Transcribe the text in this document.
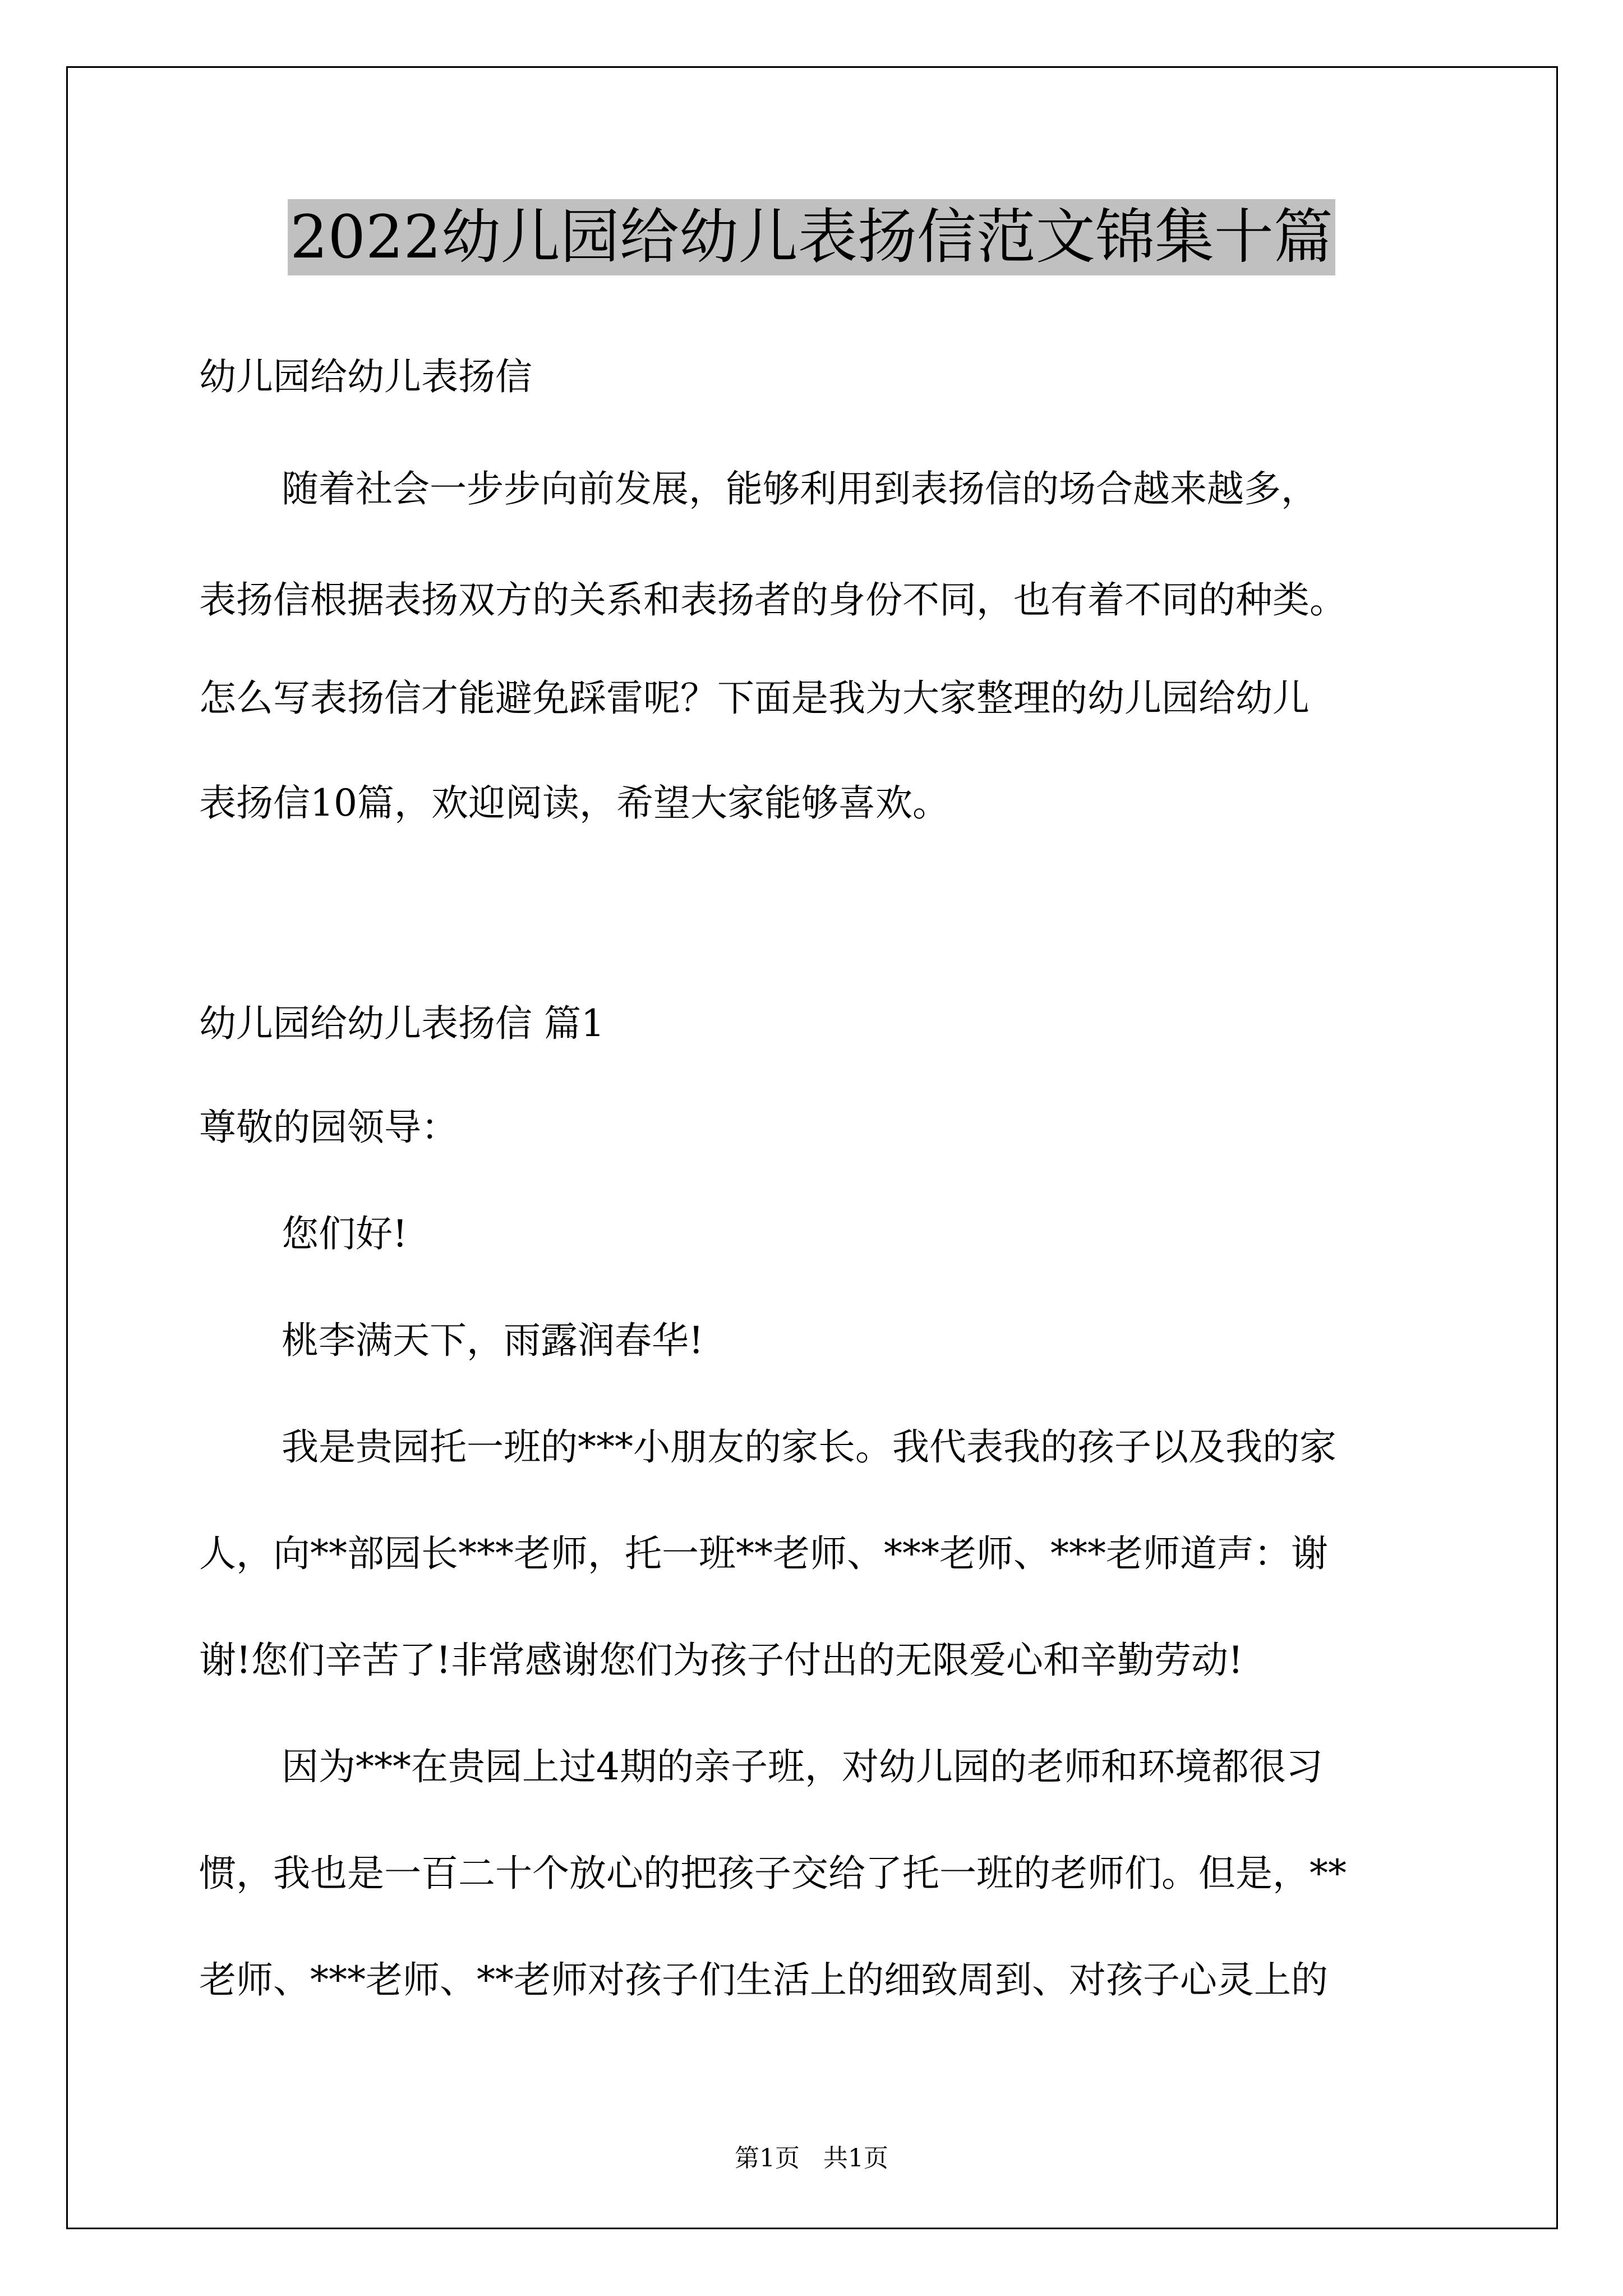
2022幼儿园给幼儿表扬信范文锦集十篇
幼儿园给幼儿表扬信
随着社会一步步向前发展，能够利用到表扬信的场合越来越多，
表扬信根据表扬双方的关系和表扬者的身份不同，也有着不同的种类。
怎么写表扬信才能避免踩雷呢？下面是我为大家整理的幼儿园给幼儿
表扬信10篇，欢迎阅读，希望大家能够喜欢。
幼儿园给幼儿表扬信 篇1
尊敬的园领导：
您们好!
桃李满天下，雨露润春华!
我是贵园托一班的***小朋友的家长。我代表我的孩子以及我的家
人，向**部园长***老师，托一班**老师、***老师、***老师道声：谢
谢!您们辛苦了!非常感谢您们为孩子付出的无限爱心和辛勤劳动!
因为***在贵园上过4期的亲子班，对幼儿园的老师和环境都很习
惯，我也是一百二十个放心的把孩子交给了托一班的老师们。但是，**
老师、***老师、**老师对孩子们生活上的细致周到、对孩子心灵上的
第1页   共1页
